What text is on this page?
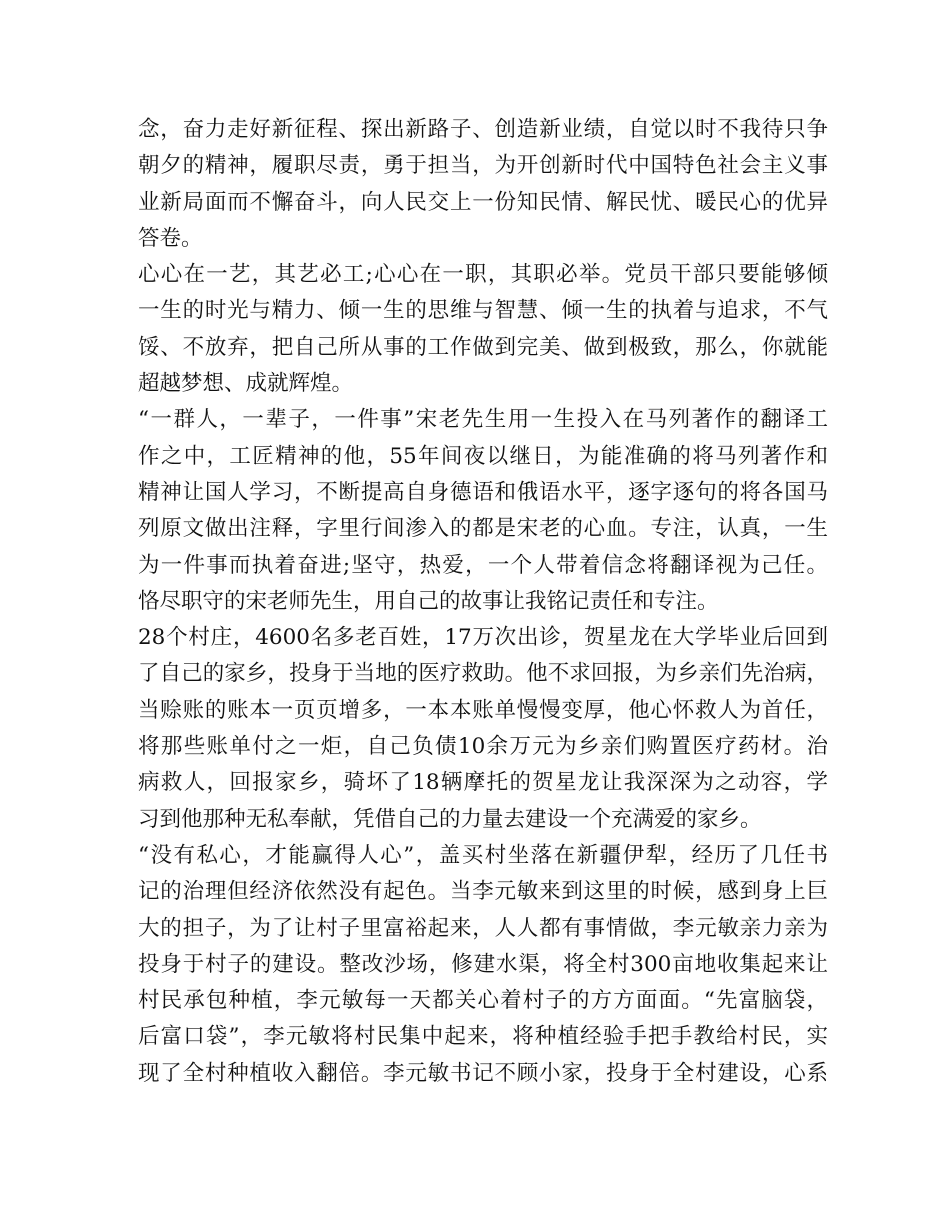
念，奋力走好新征程、探出新路子、创造新业绩，自觉以时不我待只争
朝夕的精神，履职尽责，勇于担当，为开创新时代中国特色社会主义事
业新局面而不懈奋斗，向人民交上一份知民情、解民忧、暖民心的优异
答卷。
心心在一艺，其艺必工;心心在一职，其职必举。党员干部只要能够倾
一生的时光与精力、倾一生的思维与智慧、倾一生的执着与追求，不气
馁、不放弃，把自己所从事的工作做到完美、做到极致，那么，你就能
超越梦想、成就辉煌。
“一群人，一辈子，一件事”宋老先生用一生投入在马列著作的翻译工
作之中，工匠精神的他，55年间夜以继日，为能准确的将马列著作和
精神让国人学习，不断提高自身德语和俄语水平，逐字逐句的将各国马
列原文做出注释，字里行间渗入的都是宋老的心血。专注，认真，一生
为一件事而执着奋进;坚守，热爱，一个人带着信念将翻译视为己任。
恪尽职守的宋老师先生，用自己的故事让我铭记责任和专注。
28个村庄，4600名多老百姓，17万次出诊，贺星龙在大学毕业后回到
了自己的家乡，投身于当地的医疗救助。他不求回报，为乡亲们先治病，
当赊账的账本一页页增多，一本本账单慢慢变厚，他心怀救人为首任，
将那些账单付之一炬，自己负债10余万元为乡亲们购置医疗药材。治
病救人，回报家乡，骑坏了18辆摩托的贺星龙让我深深为之动容，学
习到他那种无私奉献，凭借自己的力量去建设一个充满爱的家乡。
“没有私心，才能赢得人心”，盖买村坐落在新疆伊犁，经历了几任书
记的治理但经济依然没有起色。当李元敏来到这里的时候，感到身上巨
大的担子，为了让村子里富裕起来，人人都有事情做，李元敏亲力亲为
投身于村子的建设。整改沙场，修建水渠，将全村300亩地收集起来让
村民承包种植，李元敏每一天都关心着村子的方方面面。“先富脑袋，
后富口袋”，李元敏将村民集中起来，将种植经验手把手教给村民，实
现了全村种植收入翻倍。李元敏书记不顾小家，投身于全村建设，心系
